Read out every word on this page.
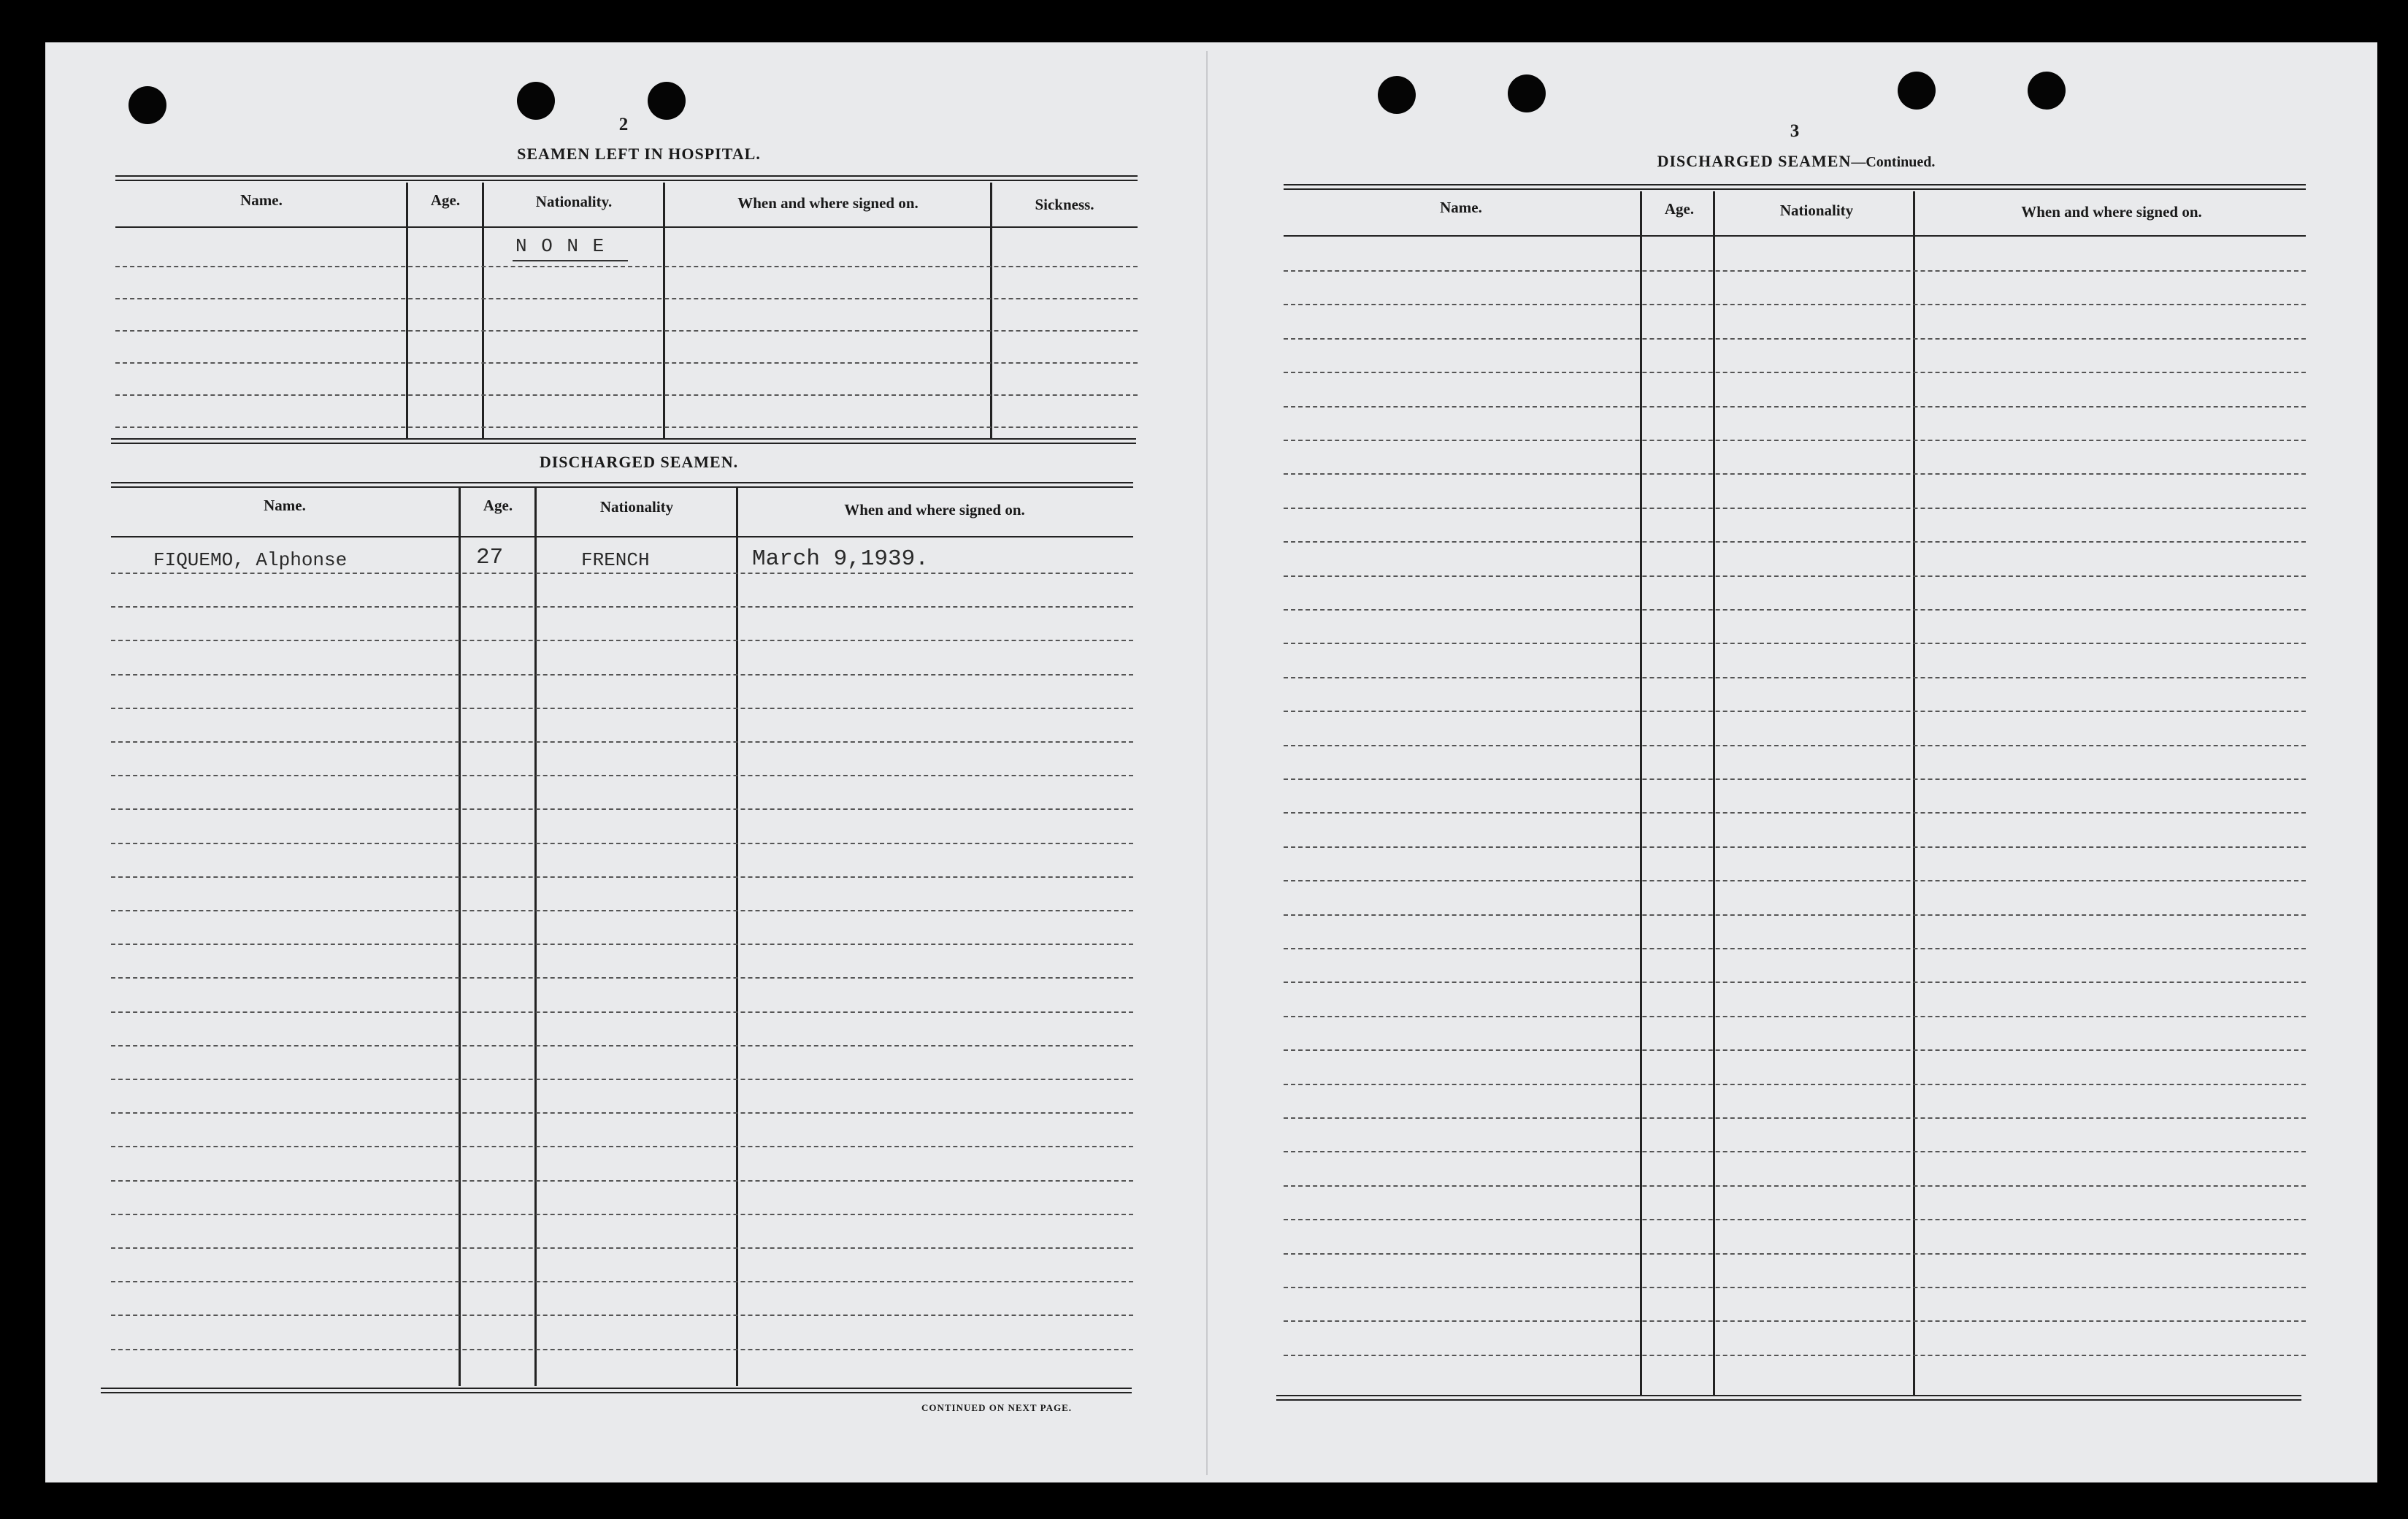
2
SEAMEN LEFT IN HOSPITAL.
Name.	Age.	Nationality.	When and where signed on.	Sickness.
N O N E
DISCHARGED SEAMEN.
Name.	Age.	Nationality	When and where signed on.
FIQUEMO, Alphonse	27	FRENCH	March 9,1939.
CONTINUED ON NEXT PAGE.
3
DISCHARGED SEAMEN—Continued.
Name.	Age.	Nationality	When and where signed on.
